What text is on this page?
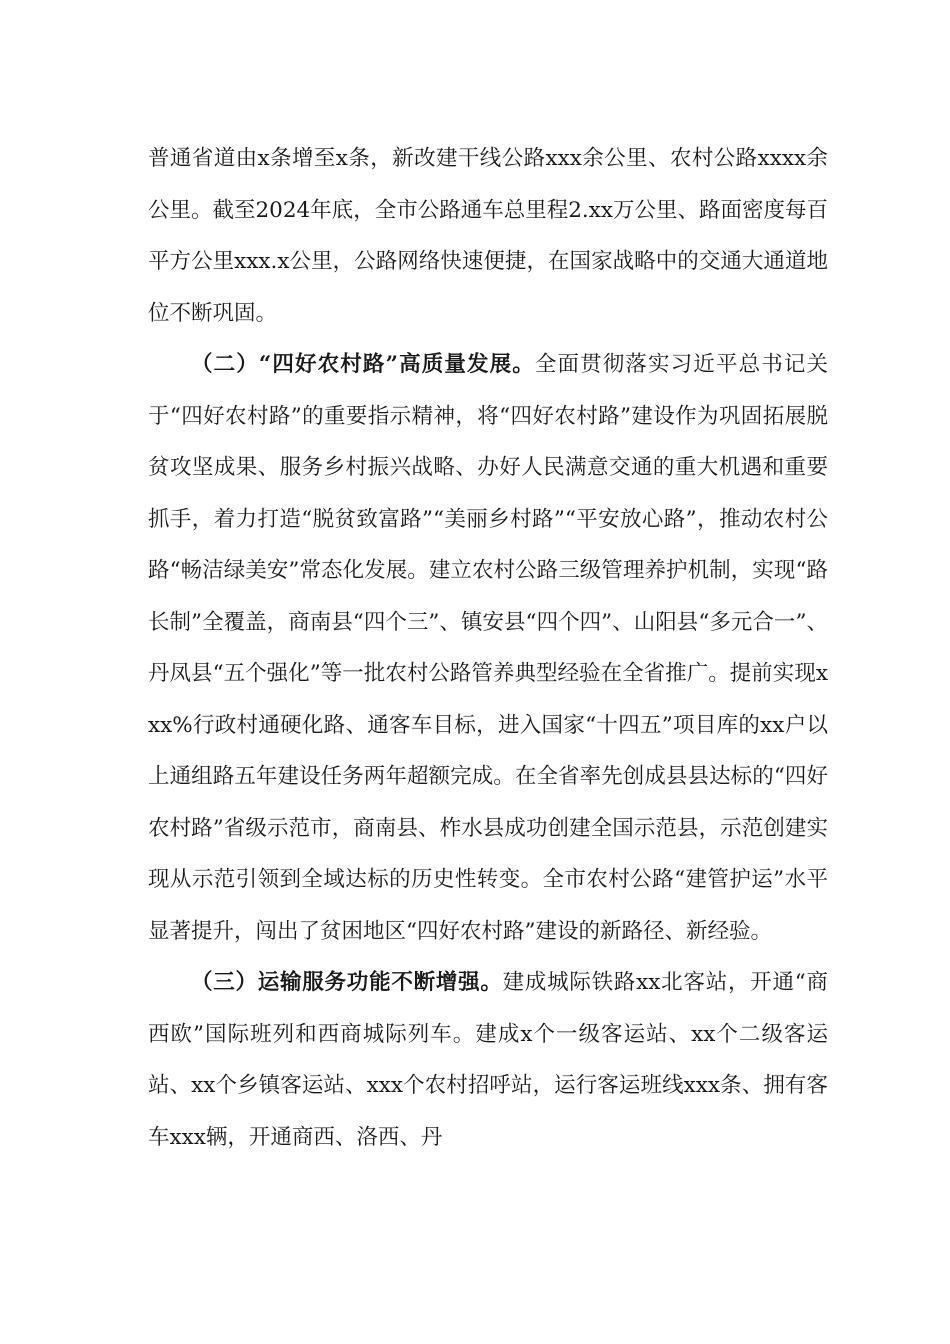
普通省道由x条增至x条，新改建干线公路xxx余公里、农村公路xxxx余公里。截至2024年底，全市公路通车总里程2.xx万公里、路面密度每百平方公里xxx.x公里，公路网络快速便捷，在国家战略中的交通大通道地位不断巩固。

（二）“四好农村路”高质量发展。全面贯彻落实习近平总书记关于“四好农村路”的重要指示精神，将“四好农村路”建设作为巩固拓展脱贫攻坚成果、服务乡村振兴战略、办好人民满意交通的重大机遇和重要抓手，着力打造“脱贫致富路”“美丽乡村路”“平安放心路”，推动农村公路“畅洁绿美安”常态化发展。建立农村公路三级管理养护机制，实现“路长制”全覆盖，商南县“四个三”、镇安县“四个四”、山阳县“多元合一”、丹凤县“五个强化”等一批农村公路管养典型经验在全省推广。提前实现xxx%行政村通硬化路、通客车目标，进入国家“十四五”项目库的xx户以上通组路五年建设任务两年超额完成。在全省率先创成县县达标的“四好农村路”省级示范市，商南县、柞水县成功创建全国示范县，示范创建实现从示范引领到全域达标的历史性转变。全市农村公路“建管护运”水平显著提升，闯出了贫困地区“四好农村路”建设的新路径、新经验。

（三）运输服务功能不断增强。建成城际铁路xx北客站，开通“商西欧”国际班列和西商城际列车。建成x个一级客运站、xx个二级客运站、xx个乡镇客运站、xxx个农村招呼站，运行客运班线xxx条、拥有客车xxx辆，开通商西、洛西、丹
